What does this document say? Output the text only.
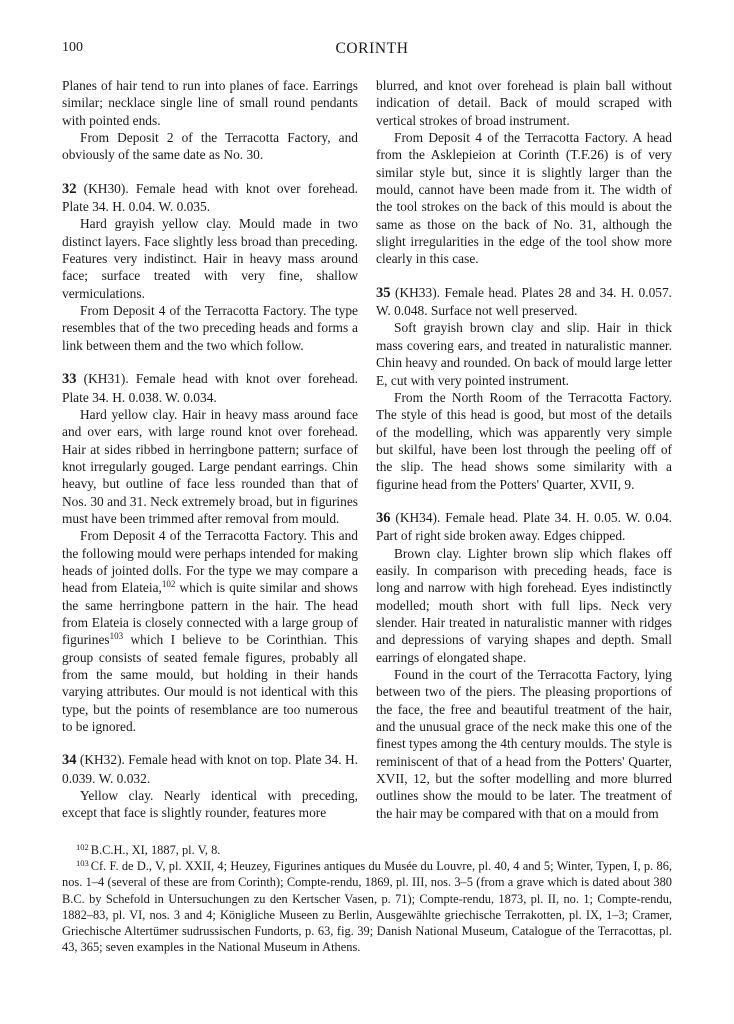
100	CORINTH

Planes of hair tend to run into planes of face. Earrings similar; necklace single line of small round pendants with pointed ends.

From Deposit 2 of the Terracotta Factory, and obviously of the same date as No. 30.

32 (KH30). Female head with knot over forehead. Plate 34. H. 0.04. W. 0.035.

Hard grayish yellow clay. Mould made in two distinct layers. Face slightly less broad than preceding. Features very indistinct. Hair in heavy mass around face; surface treated with very fine, shallow vermiculations.

From Deposit 4 of the Terracotta Factory. The type resembles that of the two preceding heads and forms a link between them and the two which follow.

33 (KH31). Female head with knot over forehead. Plate 34. H. 0.038. W. 0.034.

Hard yellow clay. Hair in heavy mass around face and over ears, with large round knot over forehead. Hair at sides ribbed in herringbone pattern; surface of knot irregularly gouged. Large pendant earrings. Chin heavy, but outline of face less rounded than that of Nos. 30 and 31. Neck extremely broad, but in figurines must have been trimmed after removal from mould.

From Deposit 4 of the Terracotta Factory. This and the following mould were perhaps intended for making heads of jointed dolls. For the type we may compare a head from Elateia,$^{102}$ which is quite similar and shows the same herringbone pattern in the hair. The head from Elateia is closely connected with a large group of figurines$^{103}$ which I believe to be Corinthian. This group consists of seated female figures, probably all from the same mould, but holding in their hands varying attributes. Our mould is not identical with this type, but the points of resemblance are too numerous to be ignored.

34 (KH32). Female head with knot on top. Plate 34. H. 0.039. W. 0.032.

Yellow clay. Nearly identical with preceding, except that face is slightly rounder, features more

blurred, and knot over forehead is plain ball without indication of detail. Back of mould scraped with vertical strokes of broad instrument.

From Deposit 4 of the Terracotta Factory. A head from the Asklepieion at Corinth (T.F.26) is of very similar style but, since it is slightly larger than the mould, cannot have been made from it. The width of the tool strokes on the back of this mould is about the same as those on the back of No. 31, although the slight irregularities in the edge of the tool show more clearly in this case.

35 (KH33). Female head. Plates 28 and 34. H. 0.057. W. 0.048. Surface not well preserved.

Soft grayish brown clay and slip. Hair in thick mass covering ears, and treated in naturalistic manner. Chin heavy and rounded. On back of mould large letter Ε, cut with very pointed instrument.

From the North Room of the Terracotta Factory. The style of this head is good, but most of the details of the modelling, which was apparently very simple but skilful, have been lost through the peeling off of the slip. The head shows some similarity with a figurine head from the Potters' Quarter, XVII, 9.

36 (KH34). Female head. Plate 34. H. 0.05. W. 0.04. Part of right side broken away. Edges chipped.

Brown clay. Lighter brown slip which flakes off easily. In comparison with preceding heads, face is long and narrow with high forehead. Eyes indistinctly modelled; mouth short with full lips. Neck very slender. Hair treated in naturalistic manner with ridges and depressions of varying shapes and depth. Small earrings of elongated shape.

Found in the court of the Terracotta Factory, lying between two of the piers. The pleasing proportions of the face, the free and beautiful treatment of the hair, and the unusual grace of the neck make this one of the finest types among the 4th century moulds. The style is reminiscent of that of a head from the Potters' Quarter, XVII, 12, but the softer modelling and more blurred outlines show the mould to be later. The treatment of the hair may be compared with that on a mould from

$^{102}$ B.C.H., XI, 1887, pl. V, 8.

$^{103}$ Cf. F. de D., V, pl. XXII, 4; Heuzey, Figurines antiques du Musée du Louvre, pl. 40, 4 and 5; Winter, Typen, I, p. 86, nos. 1–4 (several of these are from Corinth); Compte-rendu, 1869, pl. III, nos. 3–5 (from a grave which is dated about 380 B.C. by Schefold in Untersuchungen zu den Kertscher Vasen, p. 71); Compte-rendu, 1873, pl. II, no. 1; Compte-rendu, 1882–83, pl. VI, nos. 3 and 4; Königliche Museen zu Berlin, Ausgewählte griechische Terrakotten, pl. IX, 1–3; Cramer, Griechische Altertümer sudrussischen Fundorts, p. 63, fig. 39; Danish National Museum, Catalogue of the Terracottas, pl. 43, 365; seven examples in the National Museum in Athens.
